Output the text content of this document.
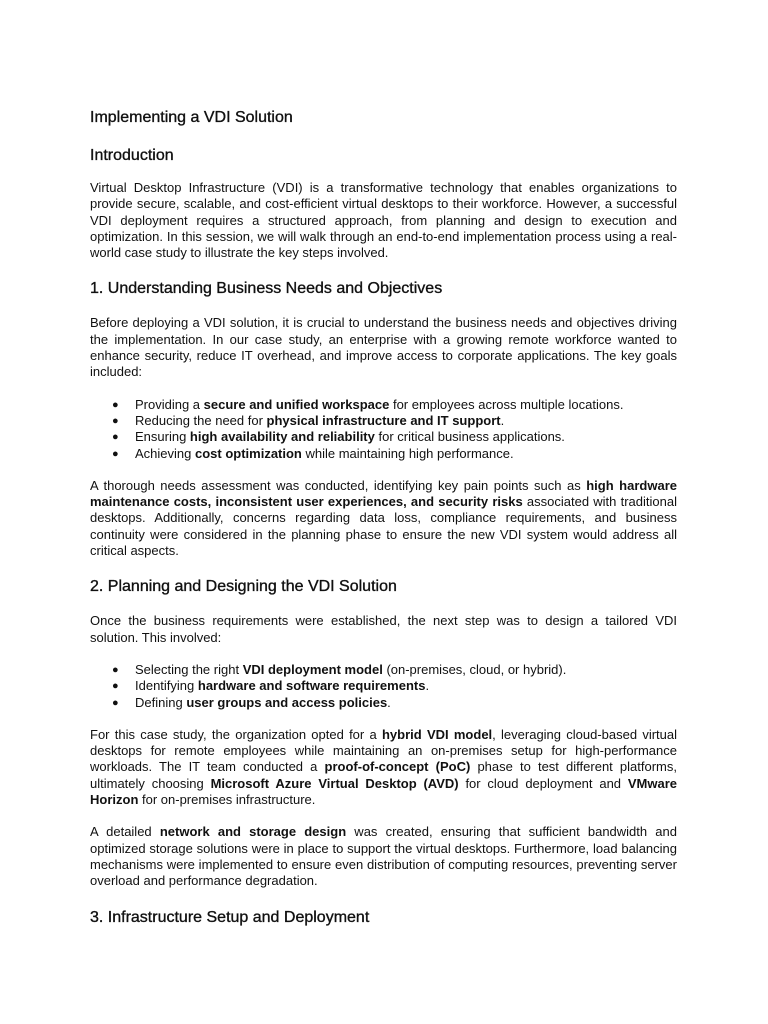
Implementing a VDI Solution
Introduction

Virtual Desktop Infrastructure (VDI) is a transformative technology that enables organizations to provide secure, scalable, and cost-efficient virtual desktops to their workforce. However, a successful VDI deployment requires a structured approach, from planning and design to execution and optimization. In this session, we will walk through an end-to-end implementation process using a real-world case study to illustrate the key steps involved.

1. Understanding Business Needs and Objectives

Before deploying a VDI solution, it is crucial to understand the business needs and objectives driving the implementation. In our case study, an enterprise with a growing remote workforce wanted to enhance security, reduce IT overhead, and improve access to corporate applications. The key goals included:

● Providing a secure and unified workspace for employees across multiple locations.
● Reducing the need for physical infrastructure and IT support.
● Ensuring high availability and reliability for critical business applications.
● Achieving cost optimization while maintaining high performance.

A thorough needs assessment was conducted, identifying key pain points such as high hardware maintenance costs, inconsistent user experiences, and security risks associated with traditional desktops. Additionally, concerns regarding data loss, compliance requirements, and business continuity were considered in the planning phase to ensure the new VDI system would address all critical aspects.

2. Planning and Designing the VDI Solution

Once the business requirements were established, the next step was to design a tailored VDI solution. This involved:

● Selecting the right VDI deployment model (on-premises, cloud, or hybrid).
● Identifying hardware and software requirements.
● Defining user groups and access policies.

For this case study, the organization opted for a hybrid VDI model, leveraging cloud-based virtual desktops for remote employees while maintaining an on-premises setup for high-performance workloads. The IT team conducted a proof-of-concept (PoC) phase to test different platforms, ultimately choosing Microsoft Azure Virtual Desktop (AVD) for cloud deployment and VMware Horizon for on-premises infrastructure.

A detailed network and storage design was created, ensuring that sufficient bandwidth and optimized storage solutions were in place to support the virtual desktops. Furthermore, load balancing mechanisms were implemented to ensure even distribution of computing resources, preventing server overload and performance degradation.

3. Infrastructure Setup and Deployment
